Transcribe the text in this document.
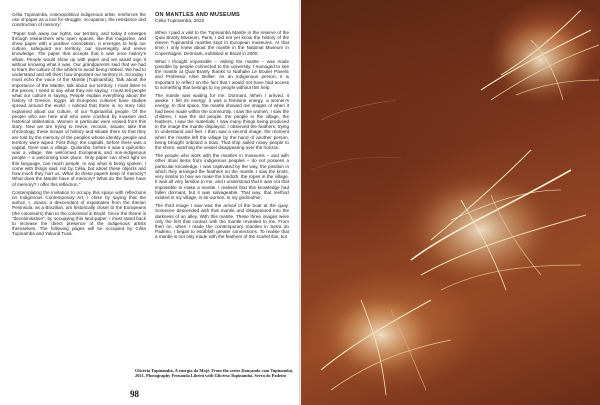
Célia Tupinambá, cosmopolitical indigenous artist, reinforces the use of paper as a tool for struggle, occupation, the resistance and construction of memory:

"Paper took away our rights, our territory, and today it emerges through researchers who open spaces, like this magazine, and show paper with a positive connotation. It emerges to help our culture, safeguard our territory, our sovereignty and revive knowledge. The paper that accepts that it was once history's villain. People would show up with paper and we would sign it without knowing what it was. Our grandparents said that we had to learn the culture of the whites to avoid being robbed. We had to understand and tell them how important our territory is. So today I must echo the voice of the Mantle [Tupinambá]. Talk about the importance of the Mantle, talk about our territory. I must listen to the pieces; I need to say what they are saying. I must tell people what our culture is saying. People explain everything about the history of Greece, Egypt, all European cultures have studies spread around the world. I noticed that there is no story told, explained about our culture, of our Tupinambá people. Of the people who are here and who were crushed by invasion and historical obliteration. Women in particular were erased from this story. Now we are trying to revive, recount, situate, take this chronology, these scraps of history and situate them so that they are told by the memory of the peoples whose identity, people and territory were wiped. First thing: the capitals, before there was a capital, there was a village. Quilombo, before it was a quilombo, was a village. We welcomed Europeans and non-indigenous people – a welcoming took place. Only paper can shed light on this language, can reach people, to say what is being spoken. I come with things said, not by Célia, but about these objects and how much they hurt us. What do these papers keep of memory? What does the Mantle have of memory? What do the flutes have of memory? I offer this reflection."

Contemplating the invitation to occupy this space with reflections on Indigenous Contemporary Art, I close by saying that the author, I, Joana, a descendant of expatriates from the Iberian Peninsula, as a Brazilian, am historically closer to the Europeans (the colonisers) than to the colonised in Brazil. Since the theme is "decolonisation", by occupying this land-paper, I must stand back to increase the direct presence of the indigenous artists themselves. The following pages will be occupied by Célia Tupinambá and Yakunã Tuxá.

ON MANTLES AND MUSEUMS
Célia Tupinambá, 2022

When I paid a visit to the Tupinambá Mantle in the reserve of the Quai Branly Museum, Paris, I did not yet know the history of the eleven Tupinambá mantles kept in European museums. At that time, I only knew about the mantle in the National Museum in Copenhagen, Denmark, exhibited in Brazil in 2000.

What I thought impossible – visiting the mantle – was made possible by people connected to the university. I managed to see the mantle at Quai Branly thanks to Nathalie Le Bouler Pavelic and Professor Aline Bellier. As an indigenous person, it is important to reflect on the fact that I would not have had access to something that belongs to my people without this help.

The mantle was waiting for me. Dormant. When I arrived, it awoke. I felt its energy: it was a feminine energy, a women's energy. In that space, the mantle showed me images of when it had been made within the community. I saw the women, I saw the children, I saw the old people, the people in the village, the feathers, I saw the materials. I saw many things being produced in the image the mantle displayed. I observed the feathers, trying to understand and feel. I then saw a second image, the moment when the mantle left the village by the hand of another person, being brought onboard a boat. That ship sailed many people to the shore, watching the vessel disappearing over the horizon.

The people who work with the mantles in museums – and with other ritual items from indigenous peoples – do not possess a particular knowledge. I was captivated by the way, the position in which they arranged the feathers on the mantle. I saw the knots, very similar to how we make the tondoth, the ropes in the village. It was all very familiar to me, and I understood that it was not that impossible to make a mantle. I realised that this knowledge had fallen dormant, but it was salvageable. That way, that method existed in my village, in its women, in my godmother.

The third image I saw was the arrival of the boat at the quay. Someone descended with that mantle and disappeared into the darkness of an alley. With this mantle. These three images were only the first that contact with the mantle revealed to me. From then on, when I made the contemporary mantles in Serra do Padeiro, I began to establish greater connections. To realise that a mantle is not only made with the feathers of the scarlet ibis, but

Glicéria Tupinambá, A energia da Mojé. From the series Dançando com Tupinambá, 2021. Photography Fernanda Liberti with Glicéria Tupinambá, Serra do Padeiro
98
